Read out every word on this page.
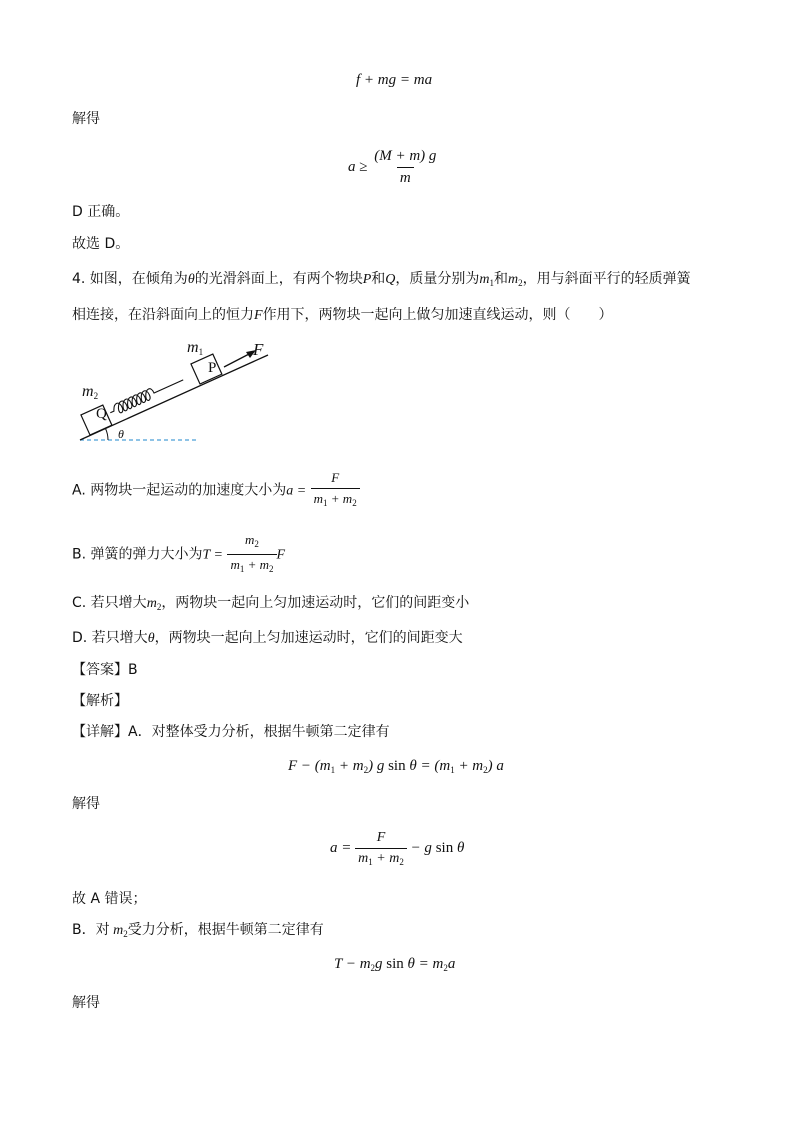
f + mg = ma
解得
$a \ge \frac{(M + m) g}{m}$
D 正确。
故选 D。
4. 如图，在倾角为θ的光滑斜面上，有两个物块P和Q，质量分别为$m_1$和$m_2$，用与斜面平行的轻质弹簧
相连接，在沿斜面向上的恒力F作用下，两物块一起向上做匀加速直线运动，则（　　）
$m_1$	F
P
$m_2$
Q
θ
A. 两物块一起运动的加速度大小为$a = \frac{F}{m_1 + m_2}$
B. 弹簧的弹力大小为$T = \frac{m_2}{m_1 + m_2}$ F
C. 若只增大$m_2$，两物块一起向上匀加速运动时，它们的间距变小
D. 若只增大θ，两物块一起向上匀加速运动时，它们的间距变大
【答案】B
【解析】
【详解】A．对整体受力分析，根据牛顿第二定律有
$F - (m_1 + m_2)$ g $\sin \theta = (m_1 + m_2)$ a
解得
$a = \frac{F}{m_1 + m_2} - g$ sin θ
故 A 错误；
B．对 $m_2$受力分析，根据牛顿第二定律有
$T - m_2g$ $\sin \theta = m_2a$
解得
